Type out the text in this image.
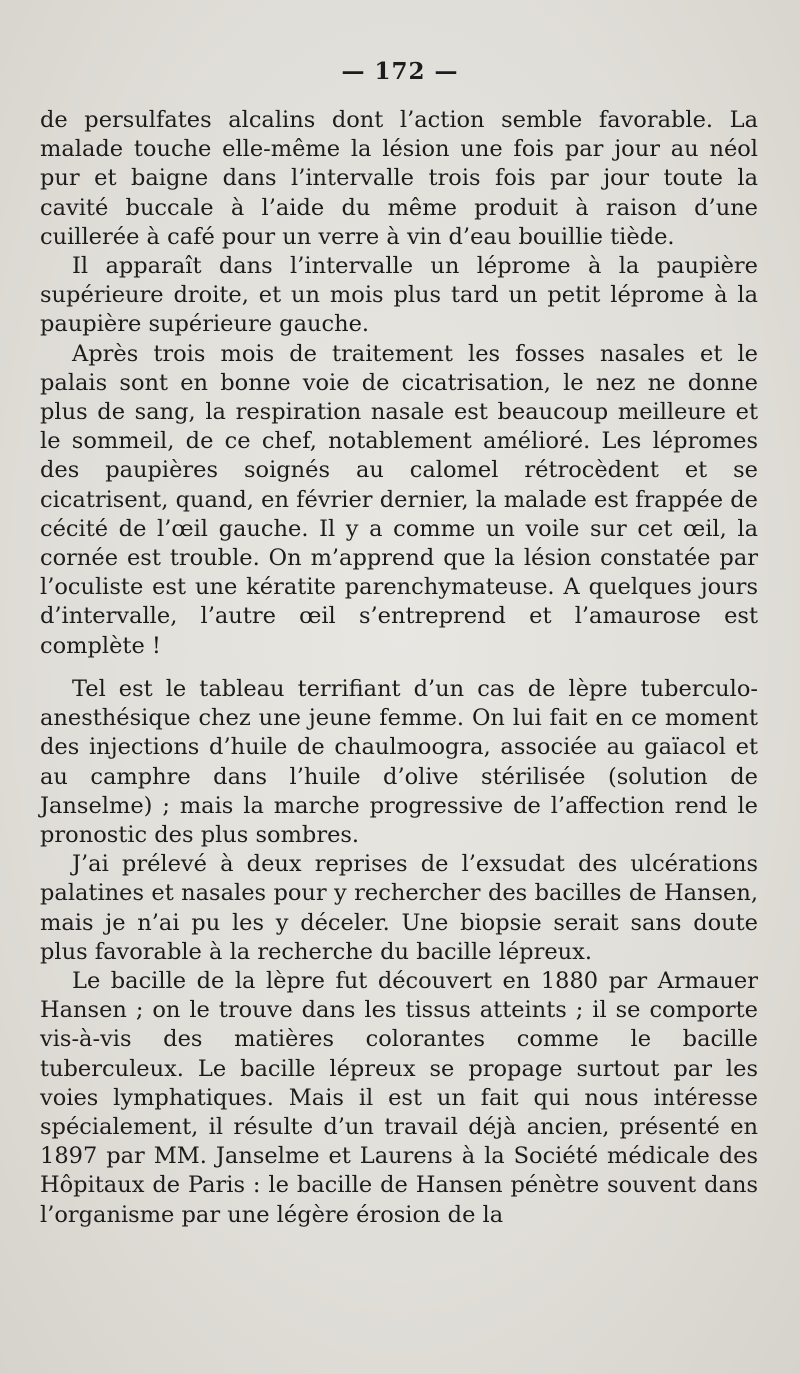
— 172 —

de persulfates alcalins dont l’action semble favorable. La malade touche elle-même la lésion une fois par jour au néol pur et baigne dans l’intervalle trois fois par jour toute la cavité buccale à l’aide du même produit à raison d’une cuillerée à café pour un verre à vin d’eau bouillie tiède.

Il apparaît dans l’intervalle un léprome à la paupière supérieure droite, et un mois plus tard un petit léprome à la paupière supérieure gauche.

Après trois mois de traitement les fosses nasales et le palais sont en bonne voie de cicatrisation, le nez ne donne plus de sang, la respiration nasale est beaucoup meilleure et le sommeil, de ce chef, notablement amélioré. Les lépromes des paupières soignés au calomel rétrocèdent et se cicatrisent, quand, en février dernier, la malade est frappée de cécité de l’œil gauche. Il y a comme un voile sur cet œil, la cornée est trouble. On m’apprend que la lésion constatée par l’oculiste est une kératite parenchymateuse. A quelques jours d’intervalle, l’autre œil s’entreprend et l’amaurose est complète !

Tel est le tableau terrifiant d’un cas de lèpre tuberculo-anesthésique chez une jeune femme. On lui fait en ce moment des injections d’huile de chaulmoogra, associée au gaïacol et au camphre dans l’huile d’olive stérilisée (solution de Janselme) ; mais la marche progressive de l’affection rend le pronostic des plus sombres.

J’ai prélevé à deux reprises de l’exsudat des ulcérations palatines et nasales pour y rechercher des bacilles de Hansen, mais je n’ai pu les y déceler. Une biopsie serait sans doute plus favorable à la recherche du bacille lépreux.

Le bacille de la lèpre fut découvert en 1880 par Armauer Hansen ; on le trouve dans les tissus atteints ; il se comporte vis-à-vis des matières colorantes comme le bacille tuberculeux. Le bacille lépreux se propage surtout par les voies lymphatiques. Mais il est un fait qui nous intéresse spécialement, il résulte d’un travail déjà ancien, présenté en 1897 par MM. Janselme et Laurens à la Société médicale des Hôpitaux de Paris : le bacille de Hansen pénètre souvent dans l’organisme par une légère érosion de la
